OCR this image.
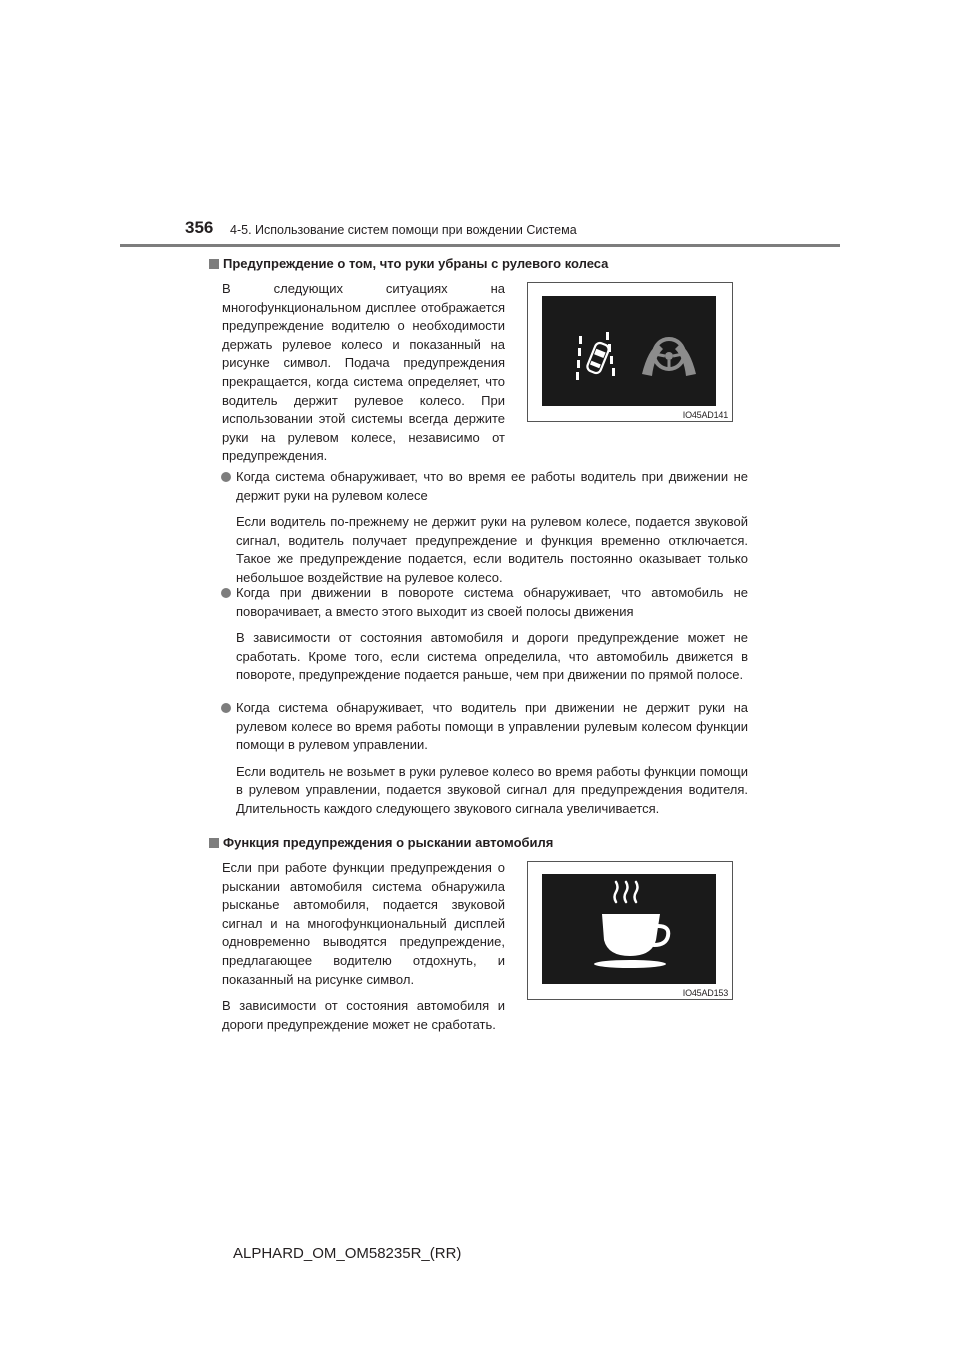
356 4-5. Использование систем помощи при вождении Система
Предупреждение о том, что руки убраны с рулевого колеса

В следующих ситуациях на многофункциональном дисплее отображается предупреждение водителю о необходимости держать рулевое колесо и показанный на рисунке символ. Подача предупреждения прекращается, когда система определяет, что водитель держит рулевое колесо. При использовании этой системы всегда держите руки на рулевом колесе, независимо от предупреждения.

IO45AD141

Когда система обнаруживает, что во время ее работы водитель при движении не держит руки на рулевом колесе

Если водитель по-прежнему не держит руки на рулевом колесе, подается звуковой сигнал, водитель получает предупреждение и функция временно отключается. Такое же предупреждение подается, если водитель постоянно оказывает только небольшое воздействие на рулевое колесо.

Когда при движении в повороте система обнаруживает, что автомобиль не поворачивает, а вместо этого выходит из своей полосы движения

В зависимости от состояния автомобиля и дороги предупреждение может не сработать. Кроме того, если система определила, что автомобиль движется в повороте, предупреждение подается раньше, чем при движении по прямой полосе.

Когда система обнаруживает, что водитель при движении не держит руки на рулевом колесе во время работы помощи в управлении рулевым колесом функции помощи в рулевом управлении.

Если водитель не возьмет в руки рулевое колесо во время работы функции помощи в рулевом управлении, подается звуковой сигнал для предупреждения водителя. Длительность каждого следующего звукового сигнала увеличивается.

Функция предупреждения о рыскании автомобиля

Если при работе функции предупреждения о рыскании автомобиля система обнаружила рысканье автомобиля, подается звуковой сигнал и на многофункциональный дисплей одновременно выводятся предупреждение, предлагающее водителю отдохнуть, и показанный на рисунке символ.

В зависимости от состояния автомобиля и дороги предупреждение может не сработать.

IO45AD153
ALPHARD_OM_OM58235R_(RR)
